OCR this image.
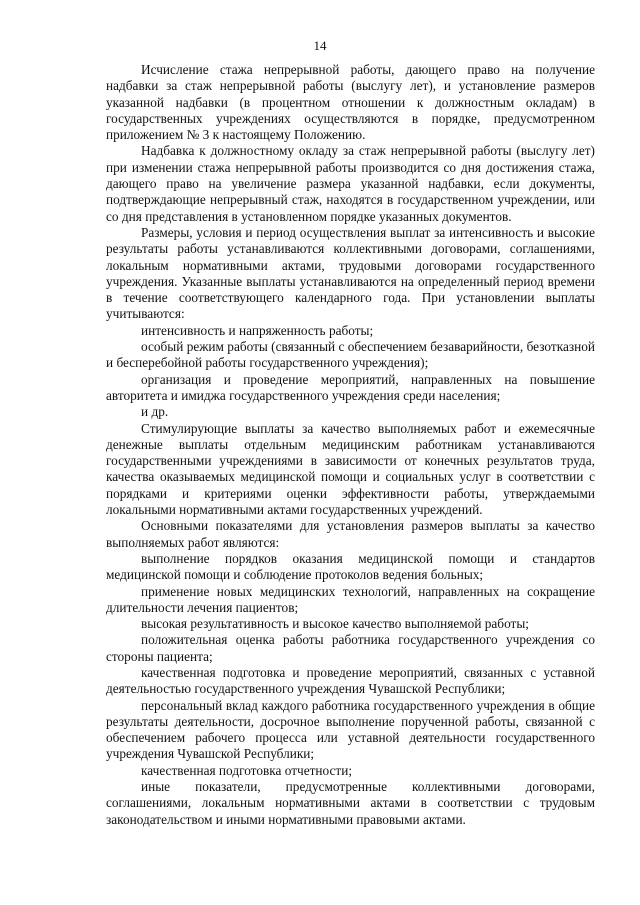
14

Исчисление стажа непрерывной работы, дающего право на получение надбавки за стаж непрерывной работы (выслугу лет), и установление размеров указанной надбавки (в процентном отношении к должностным окладам) в государственных учреждениях осуществляются в порядке, предусмотренном приложением № 3 к настоящему Положению.

Надбавка к должностному окладу за стаж непрерывной работы (выслугу лет) при изменении стажа непрерывной работы производится со дня достижения стажа, дающего право на увеличение размера указанной надбавки, если документы, подтверждающие непрерывный стаж, находятся в государственном учреждении, или со дня представления в установленном порядке указанных документов.

Размеры, условия и период осуществления выплат за интенсивность и высокие результаты работы устанавливаются коллективными договорами, соглашениями, локальным нормативными актами, трудовыми договорами государственного учреждения. Указанные выплаты устанавливаются на определенный период времени в течение соответствующего календарного года. При установлении выплаты учитываются:

интенсивность и напряженность работы;

особый режим работы (связанный с обеспечением безаварийности, безотказной и бесперебойной работы государственного учреждения);

организация и проведение мероприятий, направленных на повышение авторитета и имиджа государственного учреждения среди населения;

и др.

Стимулирующие выплаты за качество выполняемых работ и ежемесячные денежные выплаты отдельным медицинским работникам устанавливаются государственными учреждениями в зависимости от конечных результатов труда, качества оказываемых медицинской помощи и социальных услуг в соответствии с порядками и критериями оценки эффективности работы, утверждаемыми локальными нормативными актами государственных учреждений.

Основными показателями для установления размеров выплаты за качество выполняемых работ являются:

выполнение порядков оказания медицинской помощи и стандартов медицинской помощи и соблюдение протоколов ведения больных;

применение новых медицинских технологий, направленных на сокращение длительности лечения пациентов;

высокая результативность и высокое качество выполняемой работы;

положительная оценка работы работника государственного учреждения со стороны пациента;

качественная подготовка и проведение мероприятий, связанных с уставной деятельностью государственного учреждения Чувашской Республики;

персональный вклад каждого работника государственного учреждения в общие результаты деятельности, досрочное выполнение порученной работы, связанной с обеспечением рабочего процесса или уставной деятельности государственного учреждения Чувашской Республики;

качественная подготовка отчетности;

иные показатели, предусмотренные коллективными договорами, соглашениями, локальным нормативными актами в соответствии с трудовым законодательством и иными нормативными правовыми актами.
